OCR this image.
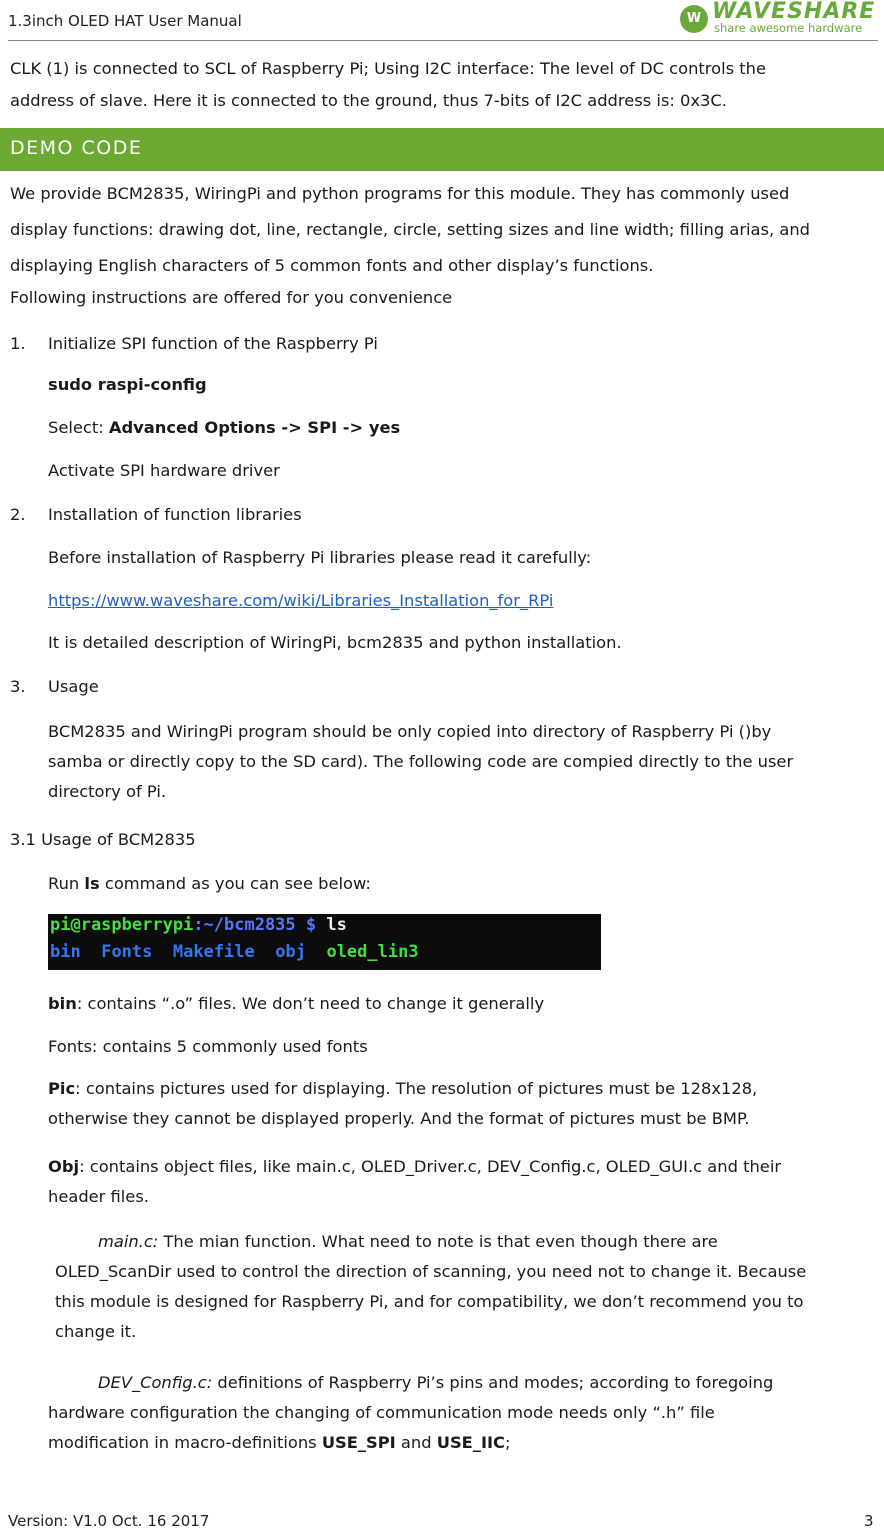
1.3inch OLED HAT User Manual	W WAVESHARE
share awesome hardware
CLK (1) is connected to SCL of Raspberry Pi; Using I2C interface: The level of DC controls the
address of slave. Here it is connected to the ground, thus 7-bits of I2C address is: 0x3C.
DEMO CODE
We provide BCM2835, WiringPi and python programs for this module. They has commonly used
display functions: drawing dot, line, rectangle, circle, setting sizes and line width; filling arias, and
displaying English characters of 5 common fonts and other display’s functions.
Following instructions are offered for you convenience
1. Initialize SPI function of the Raspberry Pi
sudo raspi-config
Select: Advanced Options -> SPI -> yes
Activate SPI hardware driver
2. Installation of function libraries
Before installation of Raspberry Pi libraries please read it carefully:
https://www.waveshare.com/wiki/Libraries_Installation_for_RPi
It is detailed description of WiringPi, bcm2835 and python installation.
3. Usage
BCM2835 and WiringPi program should be only copied into directory of Raspberry Pi ()by
samba or directly copy to the SD card). The following code are compied directly to the user
directory of Pi.
3.1 Usage of BCM2835
Run ls command as you can see below:
pi@raspberrypi:~/bcm2835 $ ls
bin Fonts Makefile obj oled_lin3
bin: contains “.o” files. We don’t need to change it generally
Fonts: contains 5 commonly used fonts
Pic: contains pictures used for displaying. The resolution of pictures must be 128x128,
otherwise they cannot be displayed properly. And the format of pictures must be BMP.
Obj: contains object files, like main.c, OLED_Driver.c, DEV_Config.c, OLED_GUI.c and their
header files.
main.c: The mian function. What need to note is that even though there are
OLED_ScanDir used to control the direction of scanning, you need not to change it. Because
this module is designed for Raspberry Pi, and for compatibility, we don’t recommend you to
change it.
DEV_Config.c: definitions of Raspberry Pi’s pins and modes; according to foregoing
hardware configuration the changing of communication mode needs only “.h” file
modification in macro-definitions USE_SPI and USE_IIC;
Version: V1.0 Oct. 16 2017	3
